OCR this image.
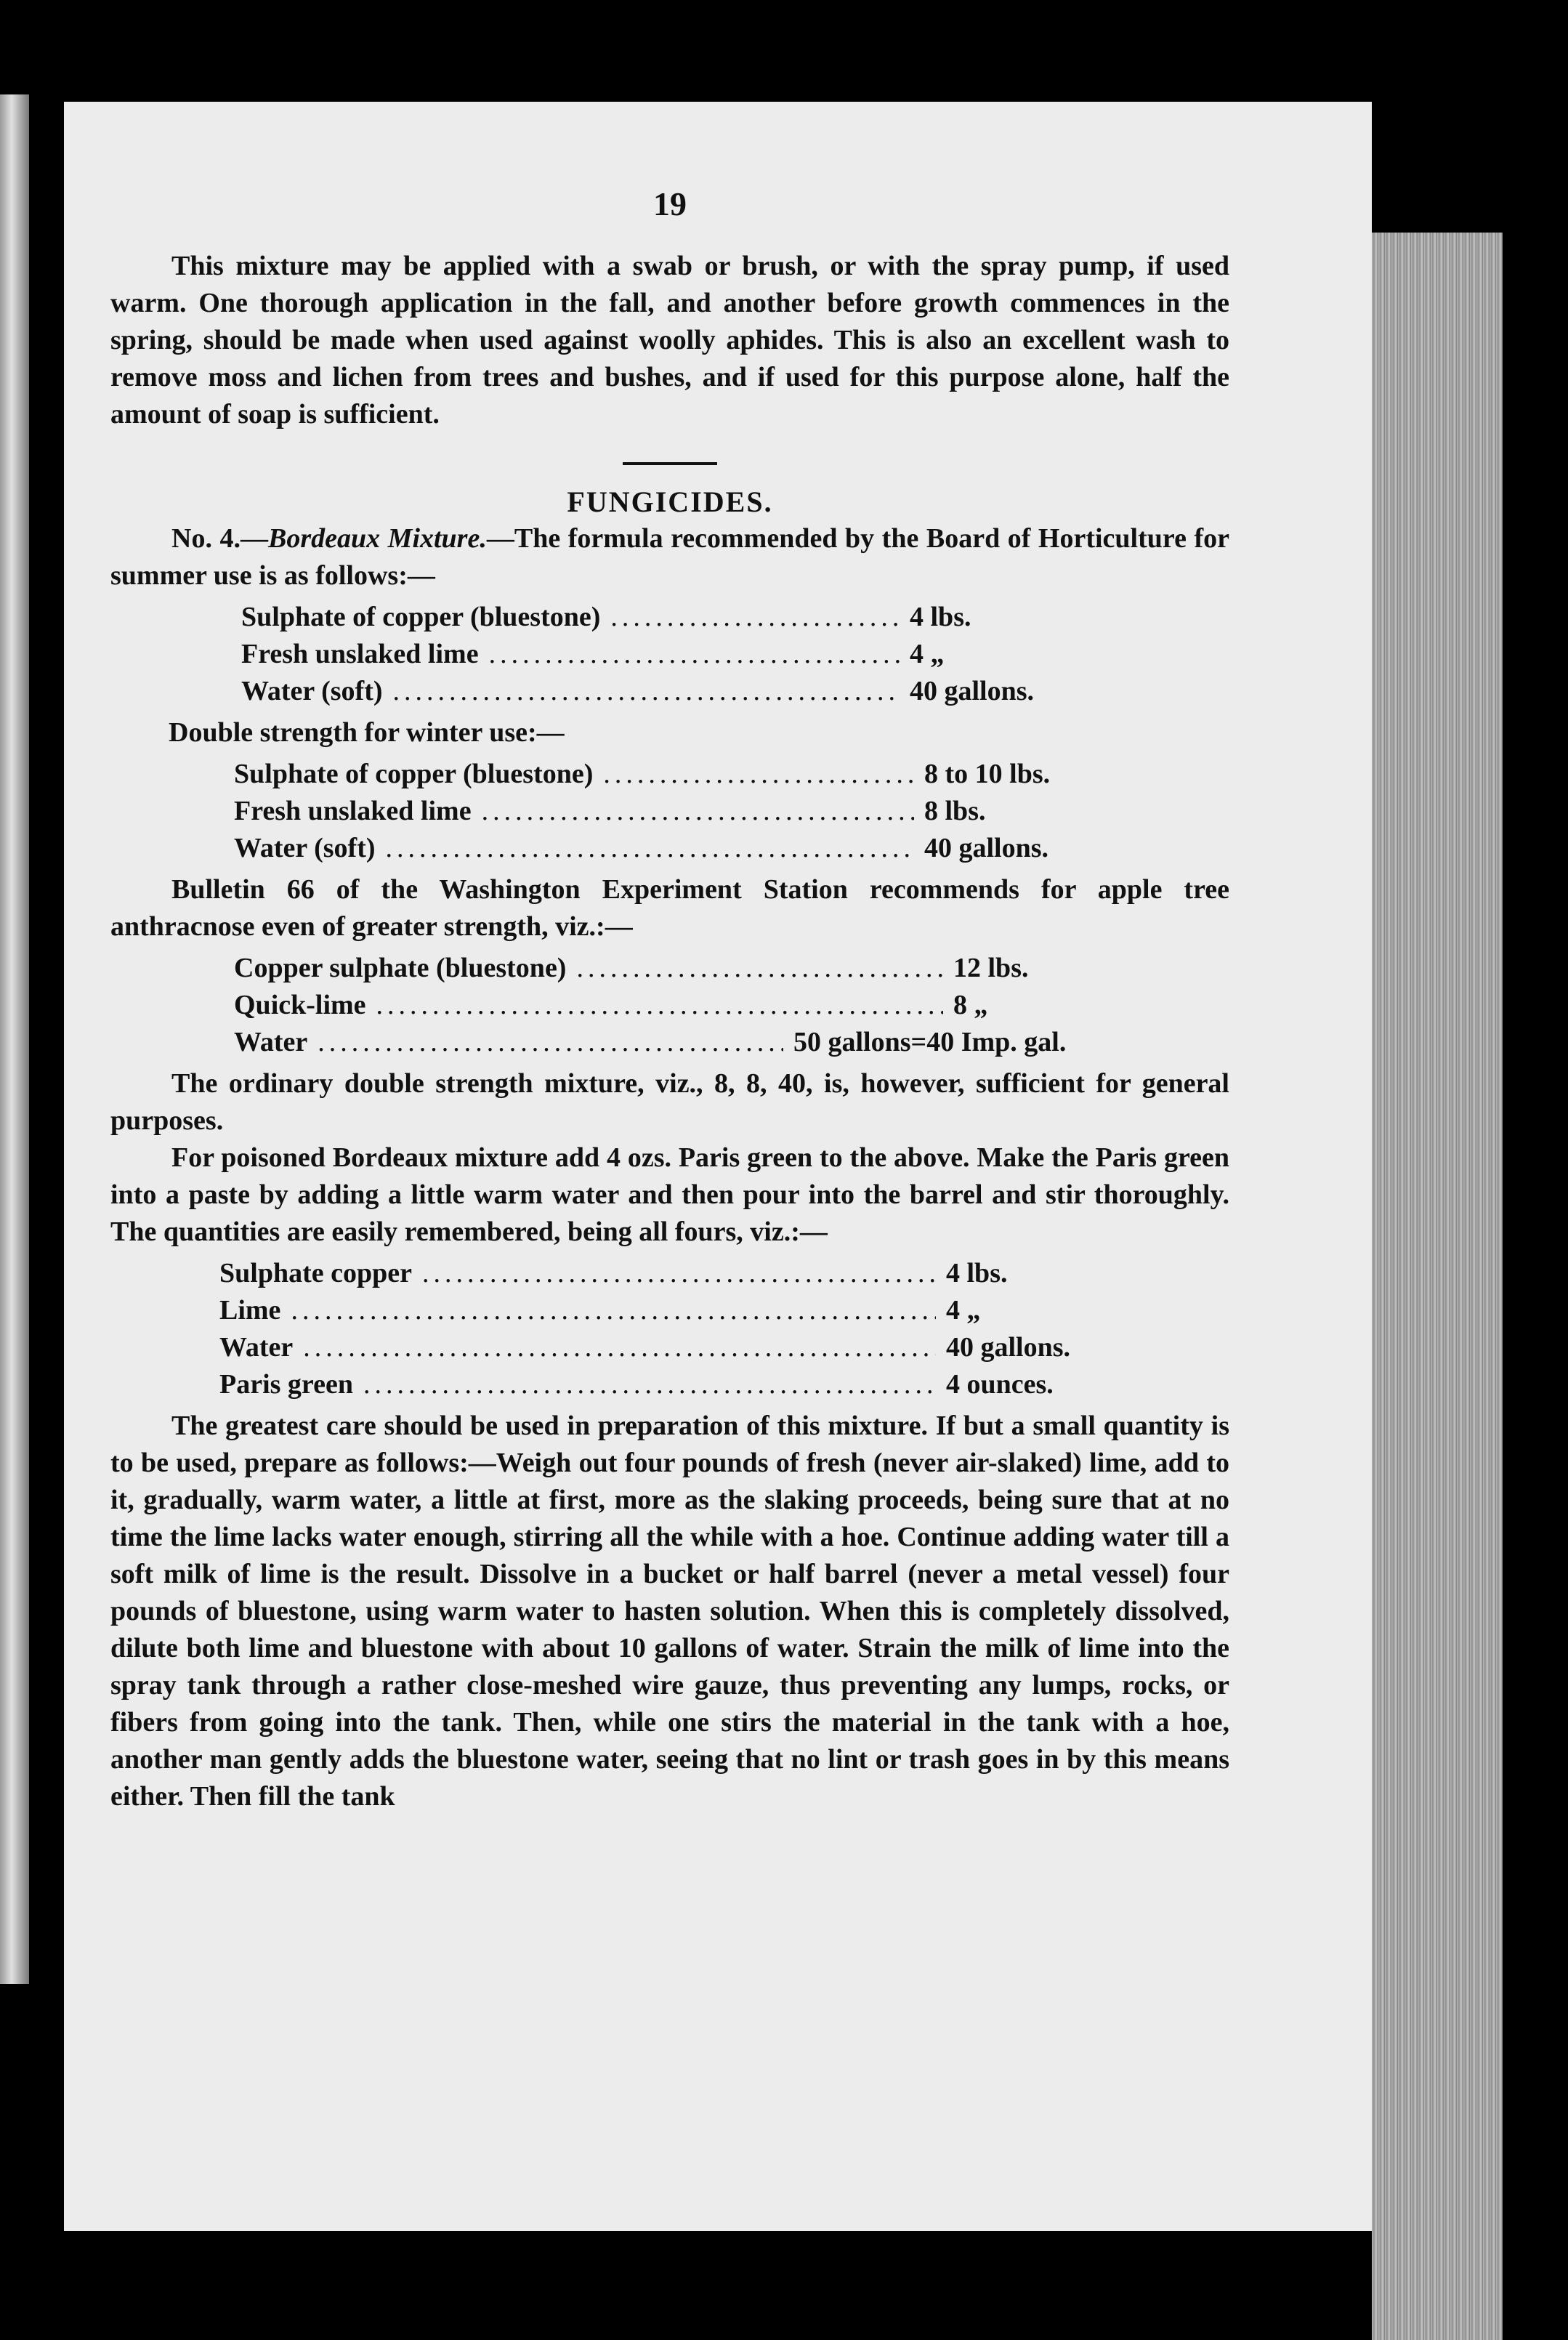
19

This mixture may be applied with a swab or brush, or with the spray pump, if used warm. One thorough application in the fall, and another before growth commences in the spring, should be made when used against woolly aphides. This is also an excellent wash to remove moss and lichen from trees and bushes, and if used for this purpose alone, half the amount of soap is sufficient.

FUNGICIDES.

No. 4.—Bordeaux Mixture.—The formula recommended by the Board of Horticulture for summer use is as follows:—

Sulphate of copper (bluestone) .....	4 lbs.
Fresh unslaked lime .....	4 „
Water (soft) .....	40 gallons.

Double strength for winter use:—

Sulphate of copper (bluestone) .....	8 to 10 lbs.
Fresh unslaked lime .....	8 lbs.
Water (soft) .....	40 gallons.

Bulletin 66 of the Washington Experiment Station recommends for apple tree anthracnose even of greater strength, viz.:—

Copper sulphate (bluestone) .....	12 lbs.
Quick-lime .....	8 „
Water .....	50 gallons=40 Imp. gal.

The ordinary double strength mixture, viz., 8, 8, 40, is, however, sufficient for general purposes.

For poisoned Bordeaux mixture add 4 ozs. Paris green to the above. Make the Paris green into a paste by adding a little warm water and then pour into the barrel and stir thoroughly. The quantities are easily remembered, being all fours, viz.:—

Sulphate copper .....	4 lbs.
Lime .....	4 „
Water .....	40 gallons.
Paris green .....	4 ounces.

The greatest care should be used in preparation of this mixture. If but a small quantity is to be used, prepare as follows:—Weigh out four pounds of fresh (never air-slaked) lime, add to it, gradually, warm water, a little at first, more as the slaking proceeds, being sure that at no time the lime lacks water enough, stirring all the while with a hoe. Continue adding water till a soft milk of lime is the result. Dissolve in a bucket or half barrel (never a metal vessel) four pounds of bluestone, using warm water to hasten solution. When this is completely dissolved, dilute both lime and bluestone with about 10 gallons of water. Strain the milk of lime into the spray tank through a rather close-meshed wire gauze, thus preventing any lumps, rocks, or fibers from going into the tank. Then, while one stirs the material in the tank with a hoe, another man gently adds the bluestone water, seeing that no lint or trash goes in by this means either. Then fill the tank
